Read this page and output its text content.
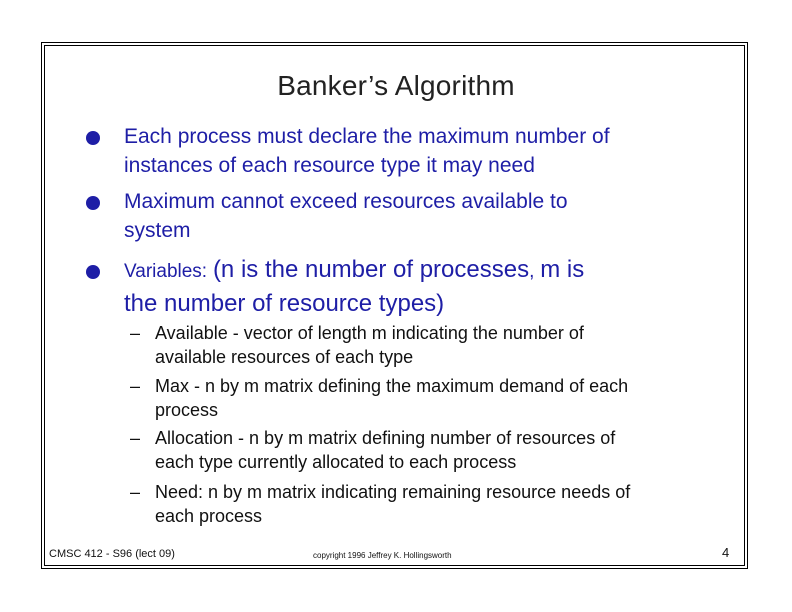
Banker’s Algorithm
Each process must declare the maximum number of
instances of each resource type it may need
Maximum cannot exceed resources available to
system
Variables: (n is the number of processes, m is
the number of resource types)
– Available - vector of length m indicating the number of
available resources of each type
– Max - n by m matrix defining the maximum demand of each
process
– Allocation - n by m matrix defining number of resources of
each type currently allocated to each process
– Need: n by m matrix indicating remaining resource needs of
each process
CMSC 412 - S96 (lect 09)	copyright 1996 Jeffrey K. Hollingsworth	4
